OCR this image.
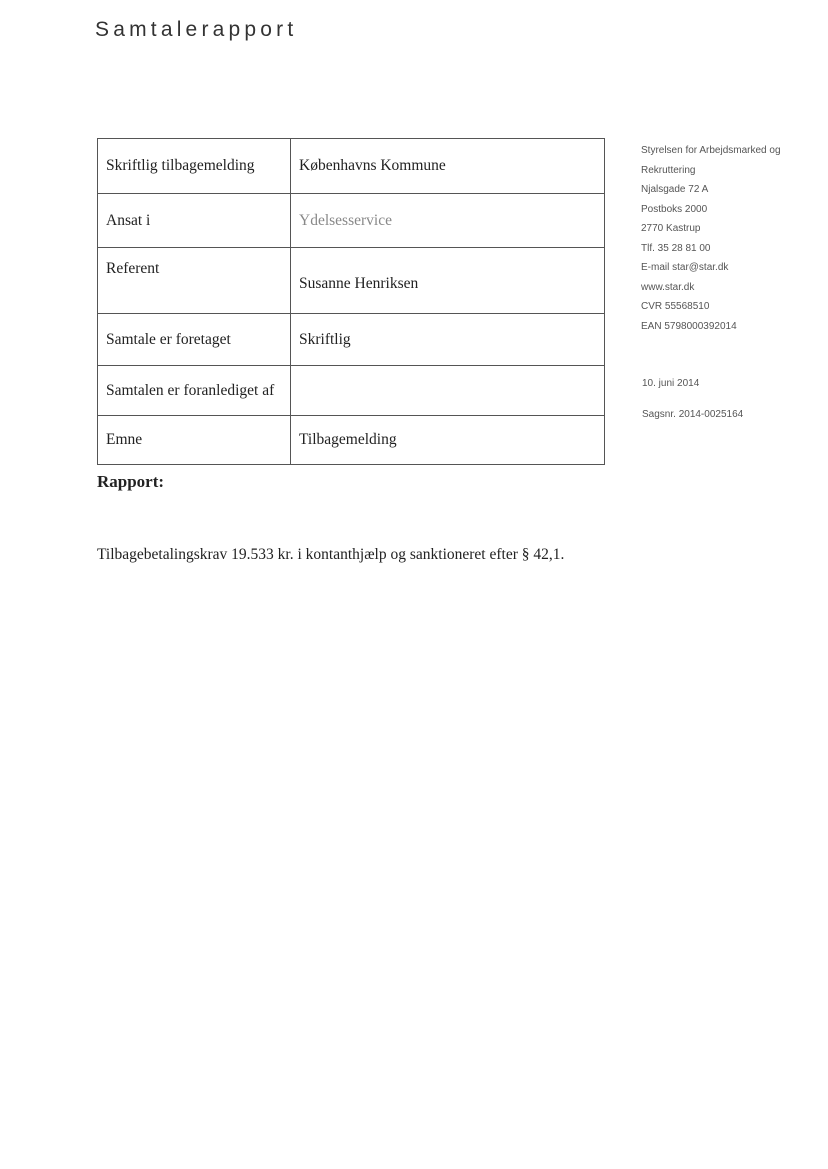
Samtalerapport
Skriftlig tilbagemelding	Københavns Kommune
Ansat i	Ydelsesservice
Referent	Susanne Henriksen
Samtale er foretaget	Skriftlig
Samtalen er foranlediget af	
Emne	Tilbagemelding
Styrelsen for Arbejdsmarked og
Rekruttering
Njalsgade 72 A
Postboks 2000
2770 Kastrup
Tlf. 35 28 81 00
E-mail star@star.dk
www.star.dk
CVR 55568510
EAN 5798000392014
10. juni 2014
Sagsnr. 2014-0025164
Rapport:

Tilbagebetalingskrav 19.533 kr. i kontanthjælp og sanktioneret efter § 42,1.
